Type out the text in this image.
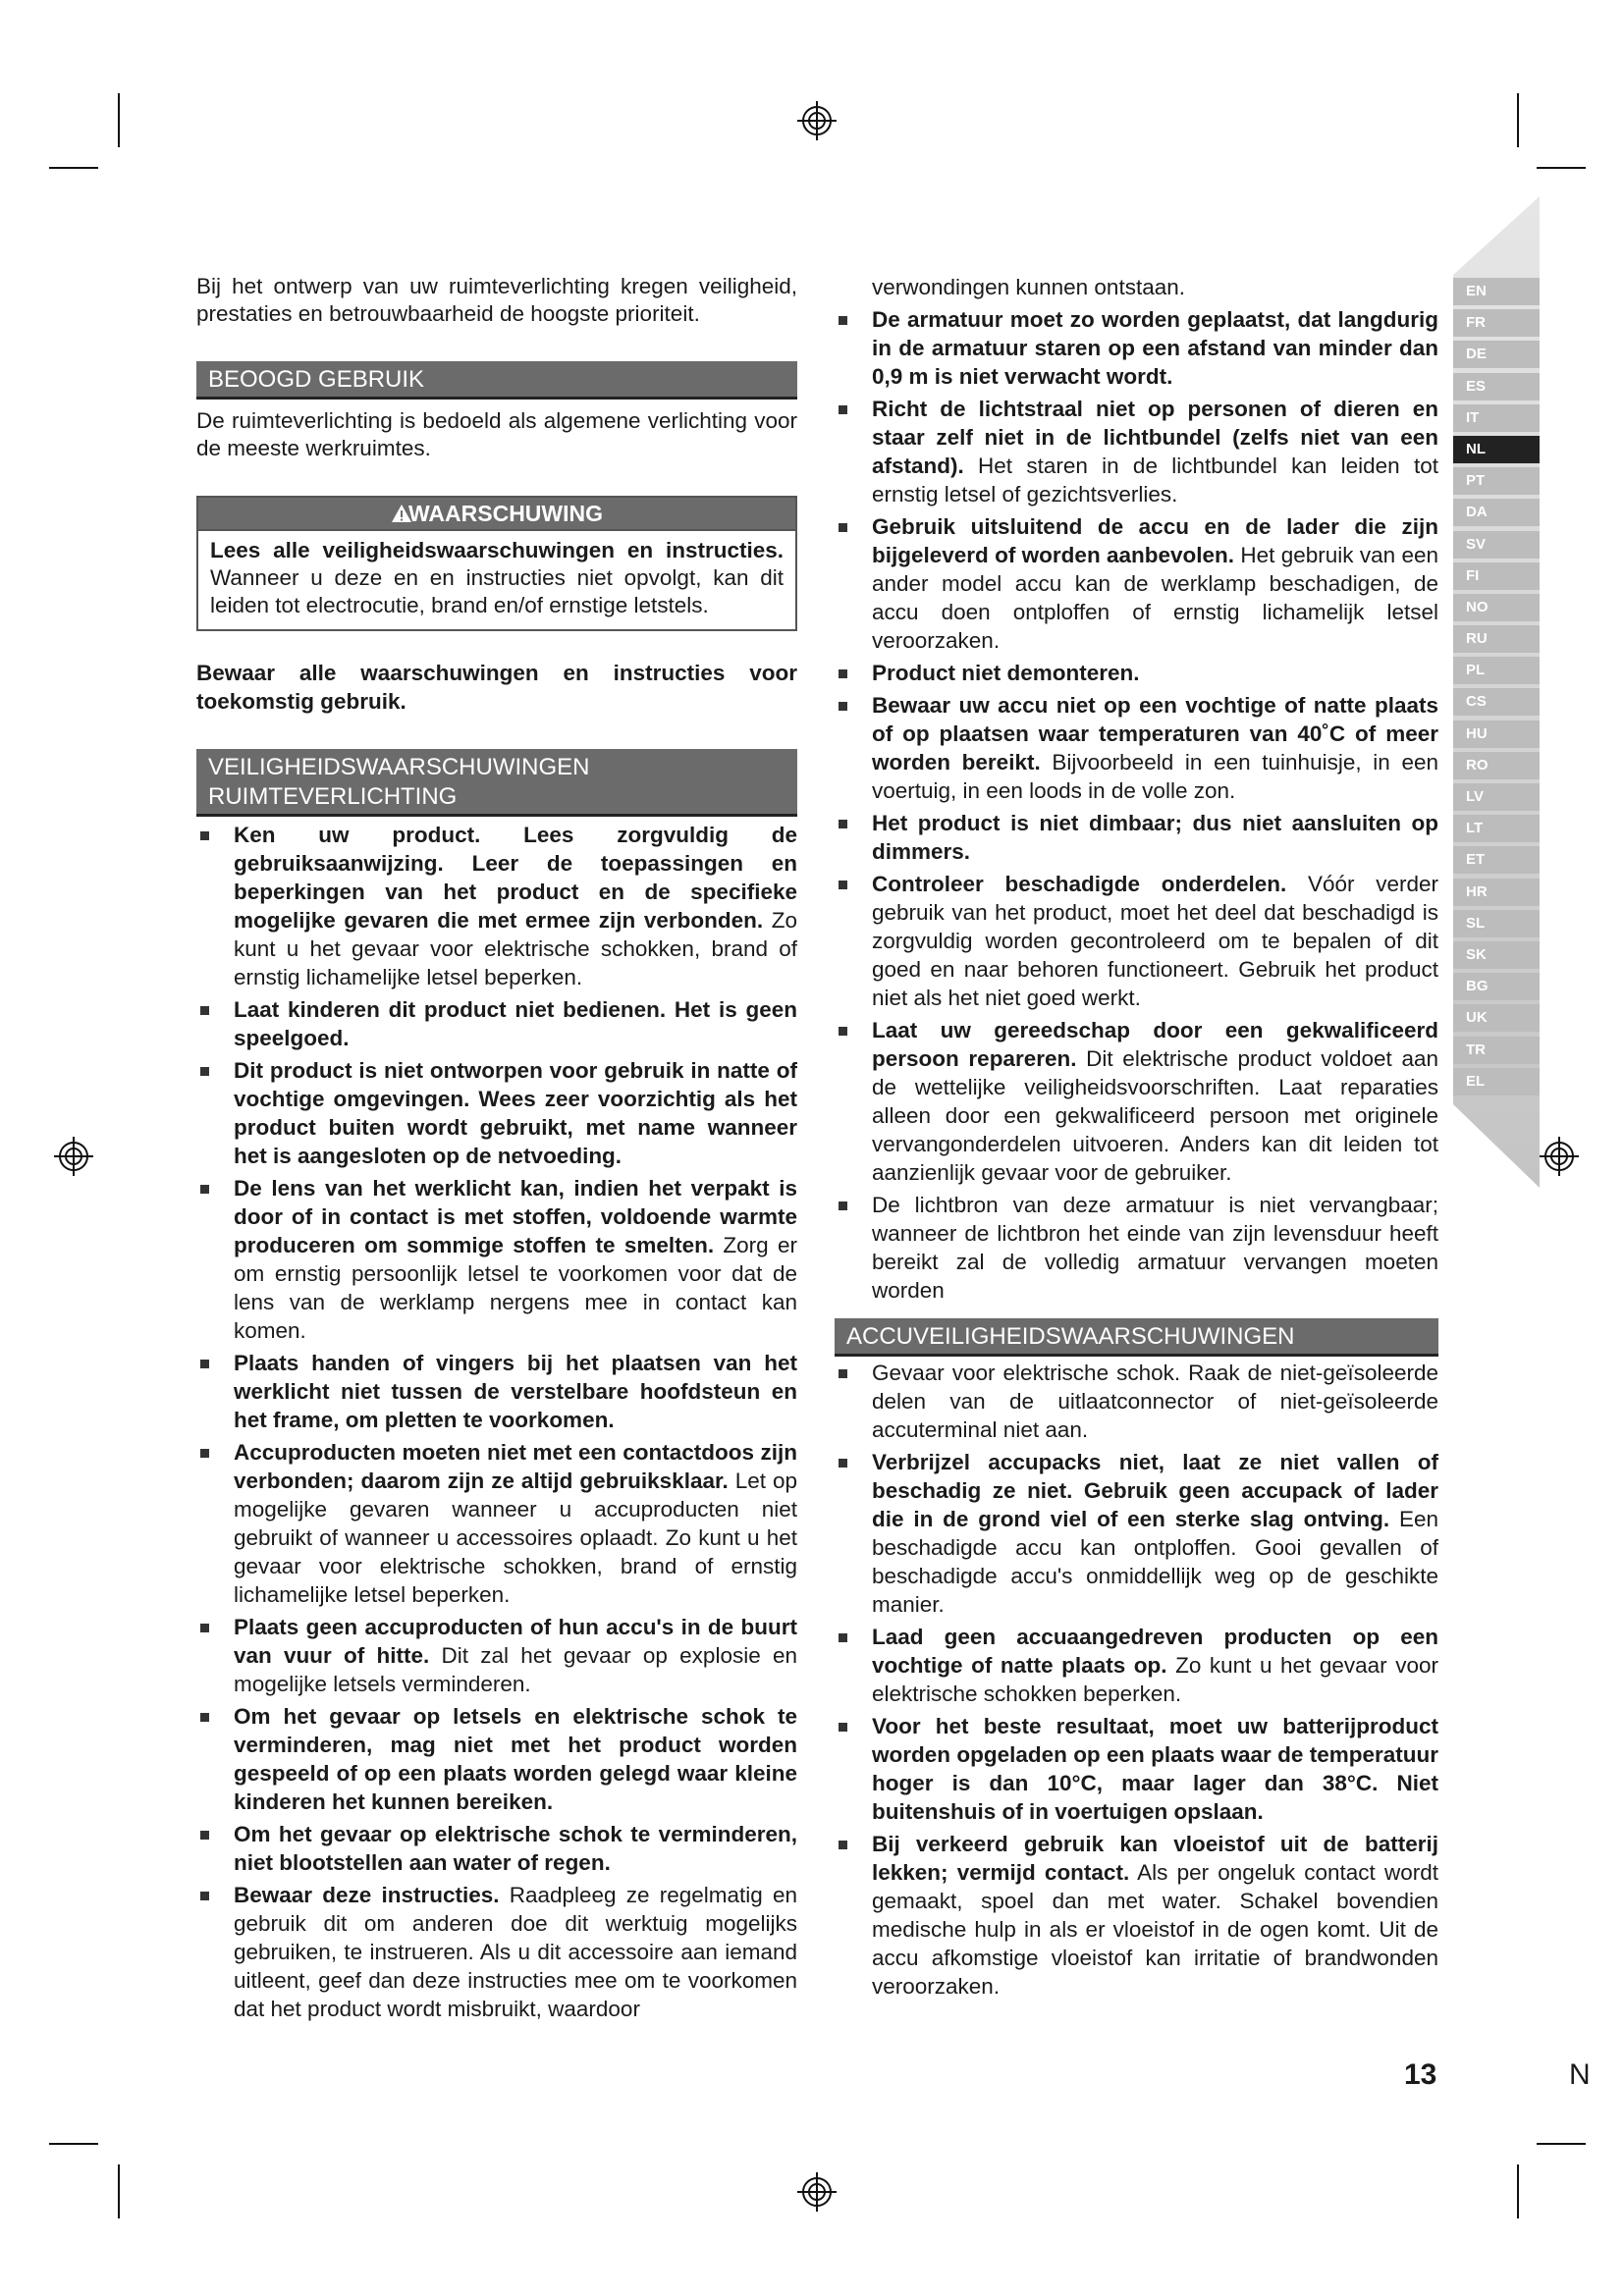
EN
FR
DE
ES
IT
NL
PT
DA
SV
FI
NO
RU
PL
CS
HU
RO
LV
LT
ET
HR
SL
SK
BG
UK
TR
EL

Bij het ontwerp van uw ruimteverlichting kregen veiligheid, prestaties en betrouwbaarheid de hoogste prioriteit.

BEOOGD GEBRUIK

De ruimteverlichting is bedoeld als algemene verlichting voor de meeste werkruimtes.

WAARSCHUWING

Lees alle veiligheidswaarschuwingen en instructies. Wanneer u deze en en instructies niet opvolgt, kan dit leiden tot electrocutie, brand en/of ernstige letstels.

Bewaar alle waarschuwingen en instructies voor toekomstig gebruik.

VEILIGHEIDSWAARSCHUWINGEN
RUIMTEVERLICHTING
Ken uw product. Lees zorgvuldig de gebruiksaanwijzing. Leer de toepassingen en beperkingen van het product en de specifieke mogelijke gevaren die met ermee zijn verbonden. Zo kunt u het gevaar voor elektrische schokken, brand of ernstig lichamelijke letsel beperken.
Laat kinderen dit product niet bedienen. Het is geen speelgoed.
Dit product is niet ontworpen voor gebruik in natte of vochtige omgevingen. Wees zeer voorzichtig als het product buiten wordt gebruikt, met name wanneer het is aangesloten op de netvoeding.
De lens van het werklicht kan, indien het verpakt is door of in contact is met stoffen, voldoende warmte produceren om sommige stoffen te smelten. Zorg er om ernstig persoonlijk letsel te voorkomen voor dat de lens van de werklamp nergens mee in contact kan komen.
Plaats handen of vingers bij het plaatsen van het werklicht niet tussen de verstelbare hoofdsteun en het frame, om pletten te voorkomen.
Accuproducten moeten niet met een contactdoos zijn verbonden; daarom zijn ze altijd gebruiksklaar. Let op mogelijke gevaren wanneer u accuproducten niet gebruikt of wanneer u accessoires oplaadt. Zo kunt u het gevaar voor elektrische schokken, brand of ernstig lichamelijke letsel beperken.
Plaats geen accuproducten of hun accu's in de buurt van vuur of hitte. Dit zal het gevaar op explosie en mogelijke letsels verminderen.
Om het gevaar op letsels en elektrische schok te verminderen, mag niet met het product worden gespeeld of op een plaats worden gelegd waar kleine kinderen het kunnen bereiken.
Om het gevaar op elektrische schok te verminderen, niet blootstellen aan water of regen.
Bewaar deze instructies. Raadpleeg ze regelmatig en gebruik dit om anderen doe dit werktuig mogelijks gebruiken, te instrueren. Als u dit accessoire aan iemand uitleent, geef dan deze instructies mee om te voorkomen dat het product wordt misbruikt, waardoor

verwondingen kunnen ontstaan.

De armatuur moet zo worden geplaatst, dat langdurig in de armatuur staren op een afstand van minder dan 0,9 m is niet verwacht wordt.
Richt de lichtstraal niet op personen of dieren en staar zelf niet in de lichtbundel (zelfs niet van een afstand). Het staren in de lichtbundel kan leiden tot ernstig letsel of gezichtsverlies.
Gebruik uitsluitend de accu en de lader die zijn bijgeleverd of worden aanbevolen. Het gebruik van een ander model accu kan de werklamp beschadigen, de accu doen ontploffen of ernstig lichamelijk letsel veroorzaken.
Product niet demonteren.
Bewaar uw accu niet op een vochtige of natte plaats of op plaatsen waar temperaturen van 40˚C of meer worden bereikt. Bijvoorbeeld in een tuinhuisje, in een voertuig, in een loods in de volle zon.
Het product is niet dimbaar; dus niet aansluiten op dimmers.
Controleer beschadigde onderdelen. Vóór verder gebruik van het product, moet het deel dat beschadigd is zorgvuldig worden gecontroleerd om te bepalen of dit goed en naar behoren functioneert. Gebruik het product niet als het niet goed werkt.
Laat uw gereedschap door een gekwalificeerd persoon repareren. Dit elektrische product voldoet aan de wettelijke veiligheidsvoorschriften. Laat reparaties alleen door een gekwalificeerd persoon met originele vervangonderdelen uitvoeren. Anders kan dit leiden tot aanzienlijk gevaar voor de gebruiker.
De lichtbron van deze armatuur is niet vervangbaar; wanneer de lichtbron het einde van zijn levensduur heeft bereikt zal de volledig armatuur vervangen moeten worden
ACCUVEILIGHEIDSWAARSCHUWINGEN
Gevaar voor elektrische schok. Raak de niet-geïsoleerde delen van de uitlaatconnector of niet-geïsoleerde accuterminal niet aan.
Verbrijzel accupacks niet, laat ze niet vallen of beschadig ze niet. Gebruik geen accupack of lader die in de grond viel of een sterke slag ontving. Een beschadigde accu kan ontploffen. Gooi gevallen of beschadigde accu's onmiddellijk weg op de geschikte manier.
Laad geen accuaangedreven producten op een vochtige of natte plaats op. Zo kunt u het gevaar voor elektrische schokken beperken.
Voor het beste resultaat, moet uw batterijproduct worden opgeladen op een plaats waar de temperatuur hoger is dan 10°C, maar lager dan 38°C. Niet buitenshuis of in voertuigen opslaan.
Bij verkeerd gebruik kan vloeistof uit de batterij lekken; vermijd contact. Als per ongeluk contact wordt gemaakt, spoel dan met water. Schakel bovendien medische hulp in als er vloeistof in de ogen komt. Uit de accu afkomstige vloeistof kan irritatie of brandwonden veroorzaken.
13	N
